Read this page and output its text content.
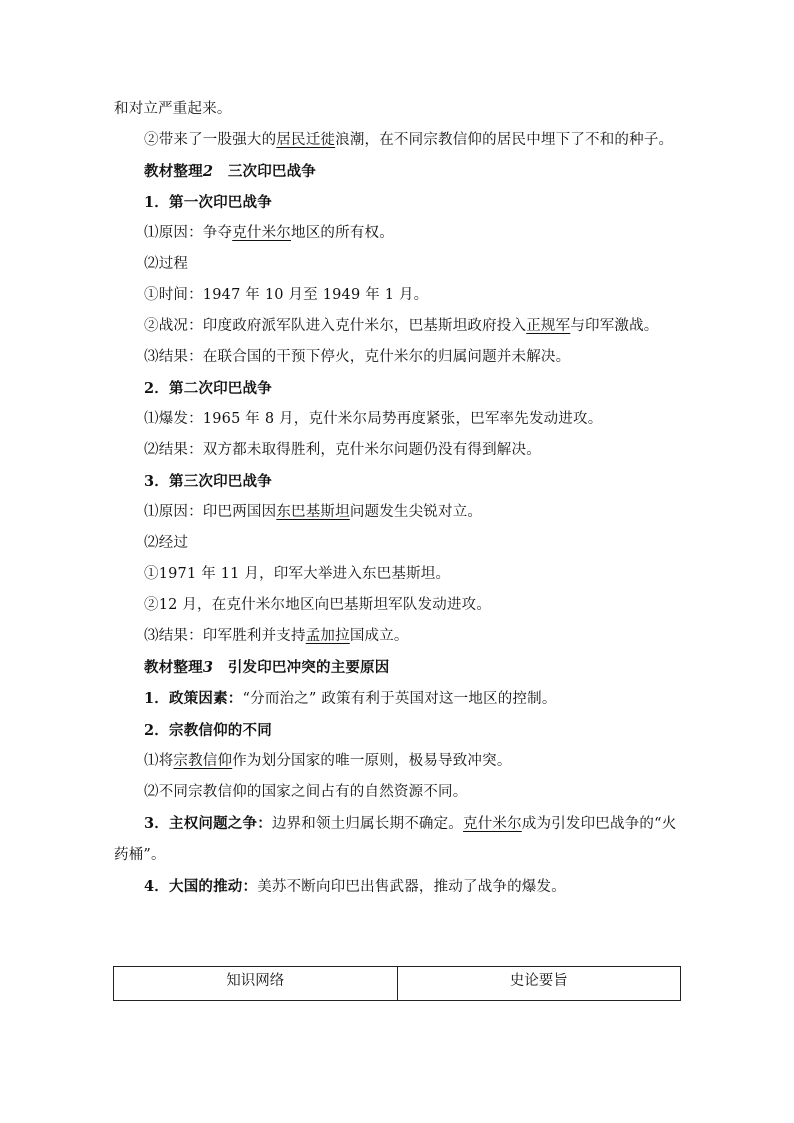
和对立严重起来。

②带来了一股强大的居民迁徙浪潮，在不同宗教信仰的居民中埋下了不和的种子。

教材整理2  三次印巴战争

1．第一次印巴战争

⑴原因：争夺克什米尔地区的所有权。

⑵过程

①时间：1947 年 10 月至 1949 年 1 月。

②战况：印度政府派军队进入克什米尔，巴基斯坦政府投入正规军与印军激战。

⑶结果：在联合国的干预下停火，克什米尔的归属问题并未解决。

2．第二次印巴战争

⑴爆发：1965 年 8 月，克什米尔局势再度紧张，巴军率先发动进攻。

⑵结果：双方都未取得胜利，克什米尔问题仍没有得到解决。

3．第三次印巴战争

⑴原因：印巴两国因东巴基斯坦问题发生尖锐对立。

⑵经过

①1971 年 11 月，印军大举进入东巴基斯坦。

②12 月，在克什米尔地区向巴基斯坦军队发动进攻。

⑶结果：印军胜利并支持孟加拉国成立。

教材整理3  引发印巴冲突的主要原因

1．政策因素：“分而治之” 政策有利于英国对这一地区的控制。

2．宗教信仰的不同

⑴将宗教信仰作为划分国家的唯一原则，极易导致冲突。

⑵不同宗教信仰的国家之间占有的自然资源不同。

3．主权问题之争：边界和领土归属长期不确定。克什米尔成为引发印巴战争的“火药桶”。

4．大国的推动：美苏不断向印巴出售武器，推动了战争的爆发。

知识网络	史论要旨
